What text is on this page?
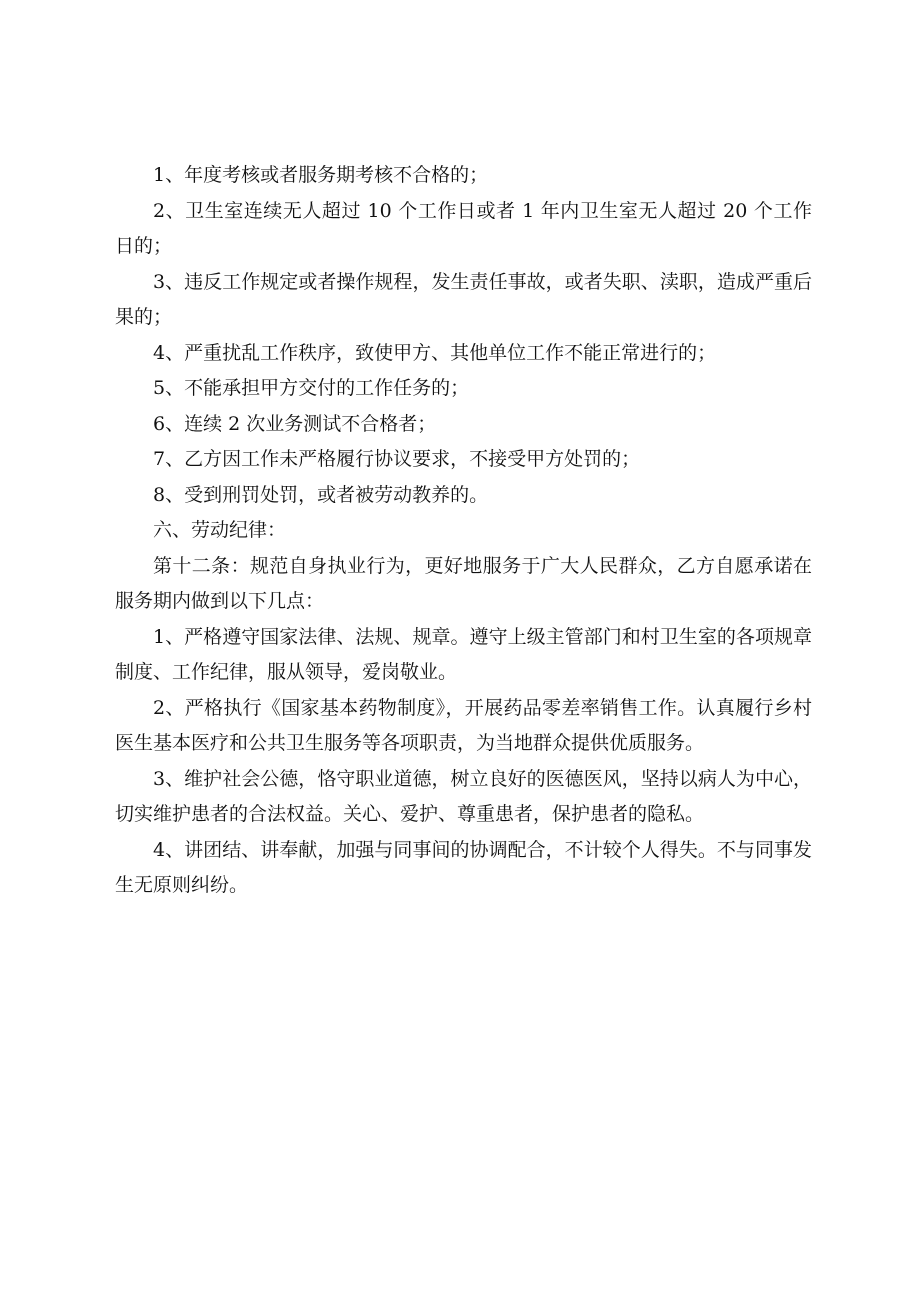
1、年度考核或者服务期考核不合格的；

2、卫生室连续无人超过 10 个工作日或者 1 年内卫生室无人超过 20 个工作日的；

3、违反工作规定或者操作规程，发生责任事故，或者失职、渎职，造成严重后果的；

4、严重扰乱工作秩序，致使甲方、其他单位工作不能正常进行的；

5、不能承担甲方交付的工作任务的；

6、连续 2 次业务测试不合格者；

7、乙方因工作未严格履行协议要求，不接受甲方处罚的；

8、受到刑罚处罚，或者被劳动教养的。

六、劳动纪律：

第十二条：规范自身执业行为，更好地服务于广大人民群众，乙方自愿承诺在服务期内做到以下几点：

1、严格遵守国家法律、法规、规章。遵守上级主管部门和村卫生室的各项规章制度、工作纪律，服从领导，爱岗敬业。

2、严格执行《国家基本药物制度》，开展药品零差率销售工作。认真履行乡村医生基本医疗和公共卫生服务等各项职责，为当地群众提供优质服务。

3、维护社会公德，恪守职业道德，树立良好的医德医风，坚持以病人为中心，切实维护患者的合法权益。关心、爱护、尊重患者，保护患者的隐私。

4、讲团结、讲奉献，加强与同事间的协调配合，不计较个人得失。不与同事发生无原则纠纷。
